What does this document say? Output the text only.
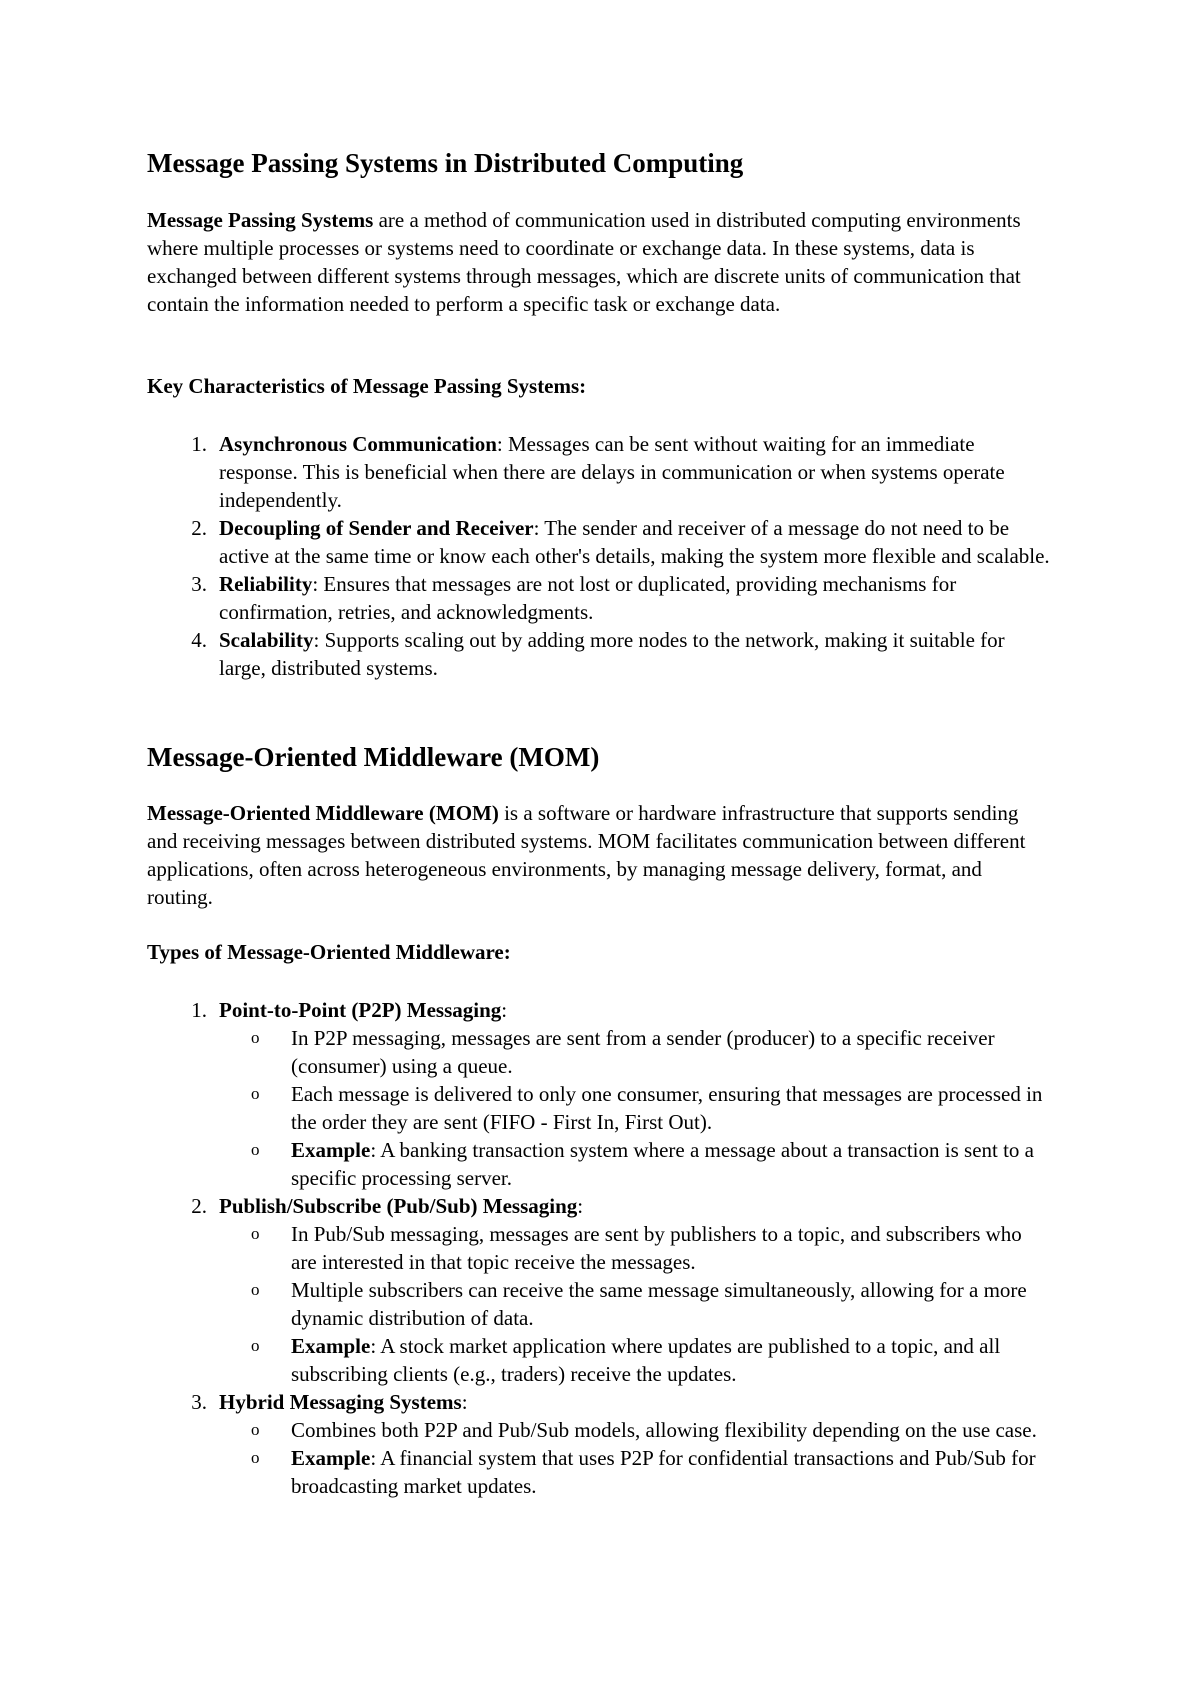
Message Passing Systems in Distributed Computing

Message Passing Systems are a method of communication used in distributed computing environments where multiple processes or systems need to coordinate or exchange data. In these systems, data is exchanged between different systems through messages, which are discrete units of communication that contain the information needed to perform a specific task or exchange data.

Key Characteristics of Message Passing Systems:
1. Asynchronous Communication: Messages can be sent without waiting for an immediate response. This is beneficial when there are delays in communication or when systems operate independently.
2. Decoupling of Sender and Receiver: The sender and receiver of a message do not need to be active at the same time or know each other's details, making the system more flexible and scalable.
3. Reliability: Ensures that messages are not lost or duplicated, providing mechanisms for confirmation, retries, and acknowledgments.
4. Scalability: Supports scaling out by adding more nodes to the network, making it suitable for large, distributed systems.
Message-Oriented Middleware (MOM)

Message-Oriented Middleware (MOM) is a software or hardware infrastructure that supports sending and receiving messages between distributed systems. MOM facilitates communication between different applications, often across heterogeneous environments, by managing message delivery, format, and routing.

Types of Message-Oriented Middleware:
1. Point-to-Point (P2P) Messaging:
o In P2P messaging, messages are sent from a sender (producer) to a specific receiver (consumer) using a queue.
o Each message is delivered to only one consumer, ensuring that messages are processed in the order they are sent (FIFO - First In, First Out).
o Example: A banking transaction system where a message about a transaction is sent to a specific processing server.
2. Publish/Subscribe (Pub/Sub) Messaging:
o In Pub/Sub messaging, messages are sent by publishers to a topic, and subscribers who are interested in that topic receive the messages.
o Multiple subscribers can receive the same message simultaneously, allowing for a more dynamic distribution of data.
o Example: A stock market application where updates are published to a topic, and all subscribing clients (e.g., traders) receive the updates.
3. Hybrid Messaging Systems:
o Combines both P2P and Pub/Sub models, allowing flexibility depending on the use case.
o Example: A financial system that uses P2P for confidential transactions and Pub/Sub for broadcasting market updates.
